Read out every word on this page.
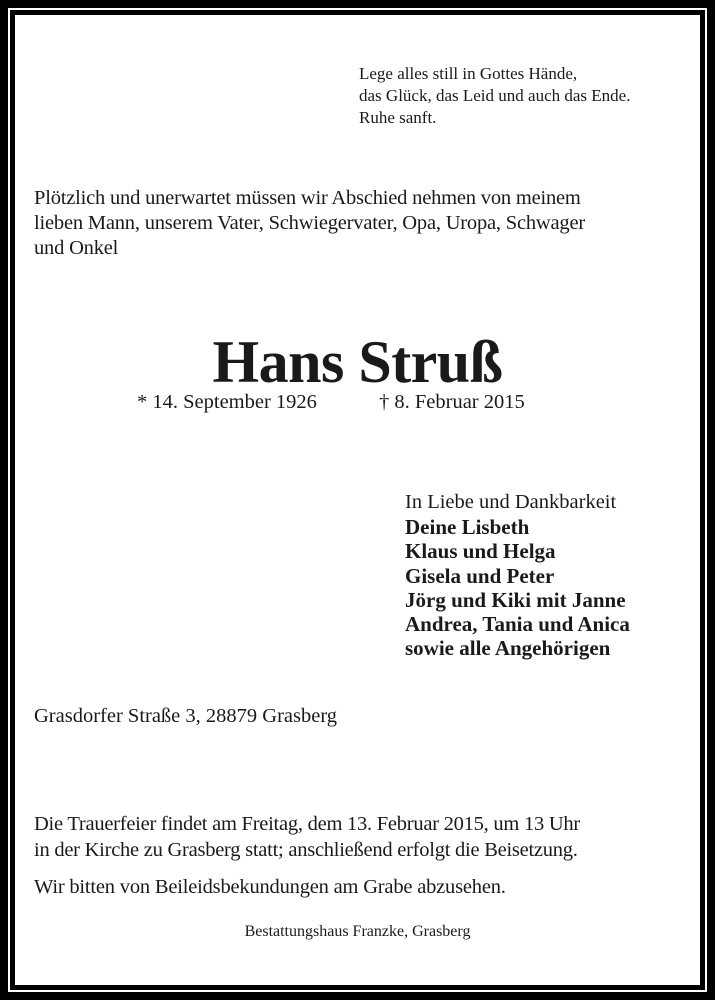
Lege alles still in Gottes Hände,
das Glück, das Leid und auch das Ende.
Ruhe sanft.
Plötzlich und unerwartet müssen wir Abschied nehmen von meinem
lieben Mann, unserem Vater, Schwiegervater, Opa, Uropa, Schwager
und Onkel
Hans Struß
* 14. September 1926	† 8. Februar 2015
In Liebe und Dankbarkeit
Deine Lisbeth
Klaus und Helga
Gisela und Peter
Jörg und Kiki mit Janne
Andrea, Tania und Anica
sowie alle Angehörigen
Grasdorfer Straße 3, 28879 Grasberg
Die Trauerfeier findet am Freitag, dem 13. Februar 2015, um 13 Uhr
in der Kirche zu Grasberg statt; anschließend erfolgt die Beisetzung.
Wir bitten von Beileidsbekundungen am Grabe abzusehen.
Bestattungshaus Franzke, Grasberg
